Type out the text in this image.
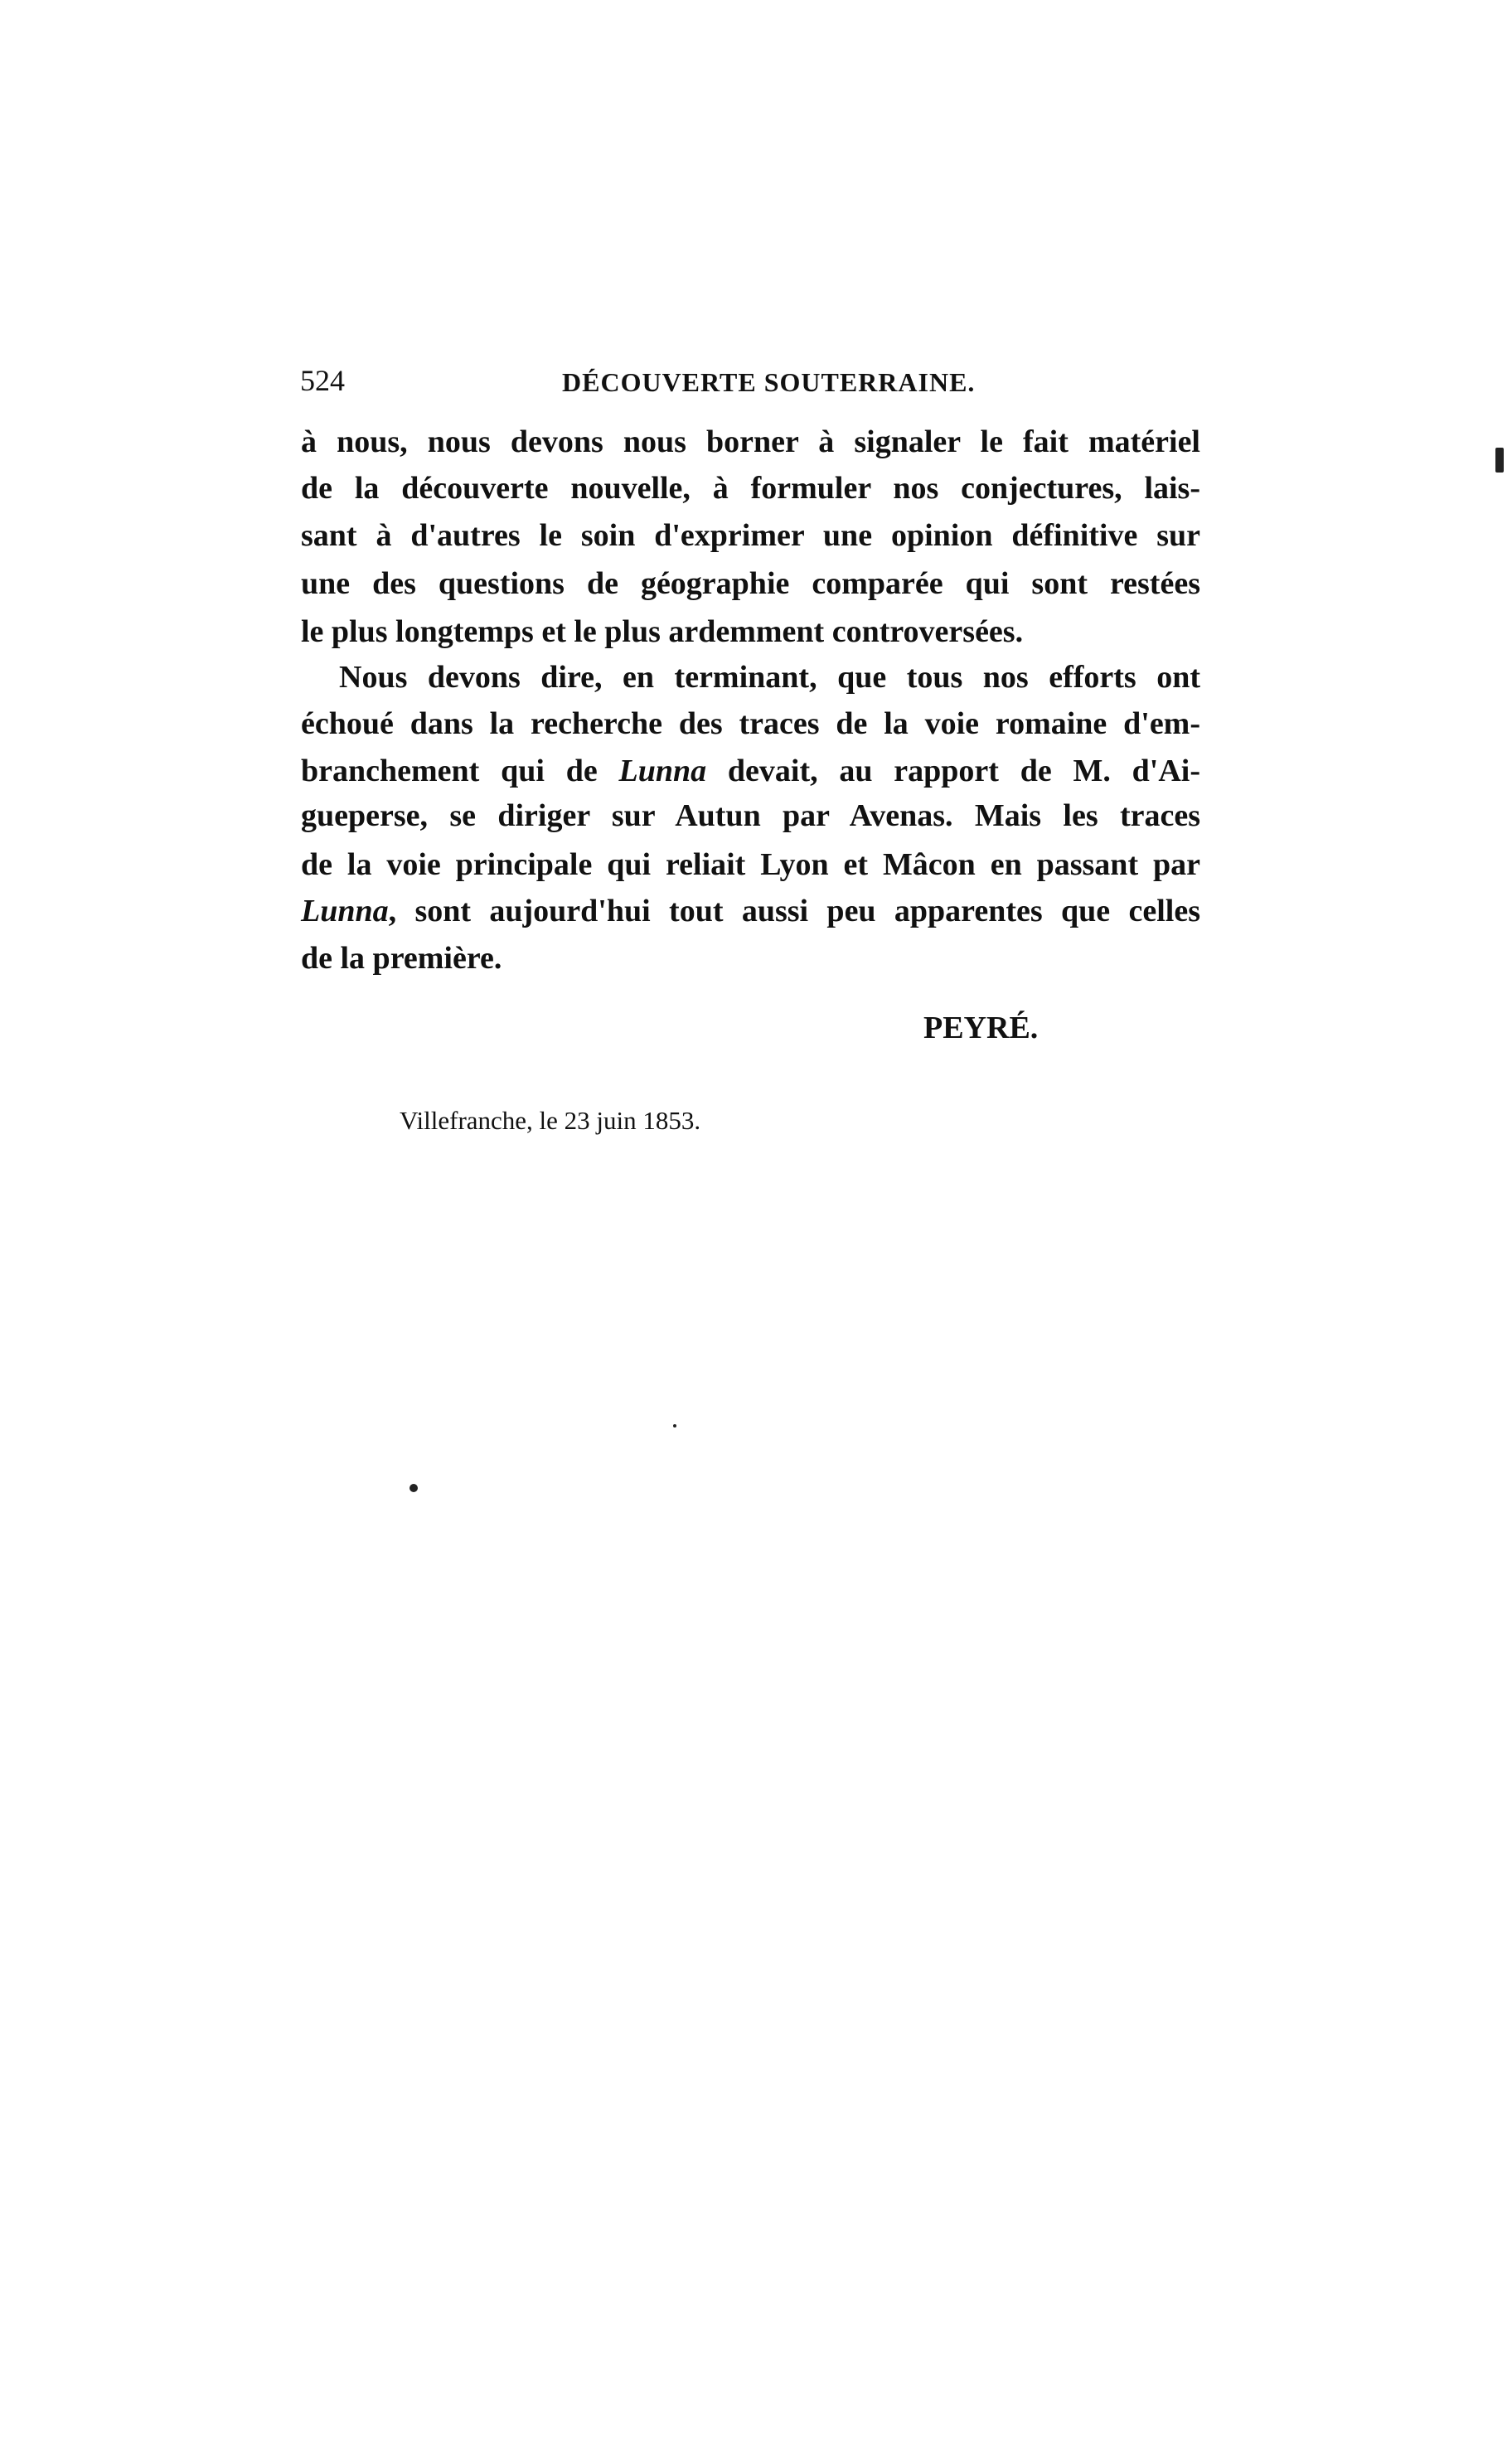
524	DÉCOUVERTE SOUTERRAINE.
à nous, nous devons nous borner à signaler le fait matériel
de la découverte nouvelle, à formuler nos conjectures, lais-
sant à d'autres le soin d'exprimer une opinion définitive sur
une des questions de géographie comparée qui sont restées
le plus longtemps et le plus ardemment controversées.
Nous devons dire, en terminant, que tous nos efforts ont
échoué dans la recherche des traces de la voie romaine d'em-
branchement qui de Lunna devait, au rapport de M. d'Ai-
gueperse, se diriger sur Autun par Avenas. Mais les traces
de la voie principale qui reliait Lyon et Mâcon en passant par
Lunna, sont aujourd'hui tout aussi peu apparentes que celles
de la première.
PEYRÉ.
Villefranche, le 23 juin 1853.
